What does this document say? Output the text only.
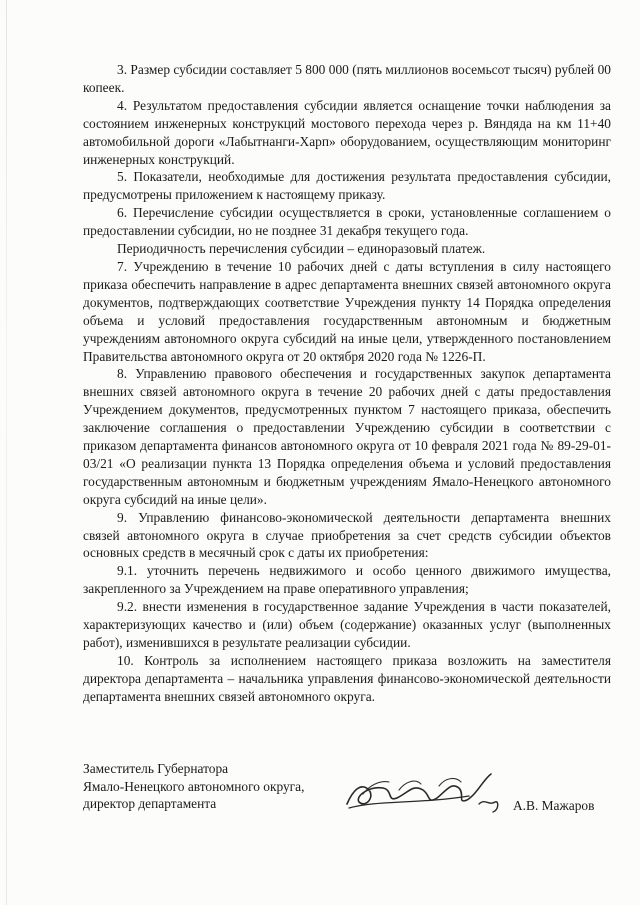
3. Размер субсидии составляет 5 800 000 (пять миллионов восемьсот тысяч) рублей 00 копеек.

4. Результатом предоставления субсидии является оснащение точки наблюдения за состоянием инженерных конструкций мостового перехода через р. Вяндяда на км 11+40 автомобильной дороги «Лабытнанги-Харп» оборудованием, осуществляющим мониторинг инженерных конструкций.

5. Показатели, необходимые для достижения результата предоставления субсидии, предусмотрены приложением к настоящему приказу.

6. Перечисление субсидии осуществляется в сроки, установленные соглашением о предоставлении субсидии, но не позднее 31 декабря текущего года.

Периодичность перечисления субсидии – единоразовый платеж.

7. Учреждению в течение 10 рабочих дней с даты вступления в силу настоящего приказа обеспечить направление в адрес департамента внешних связей автономного округа документов, подтверждающих соответствие Учреждения пункту 14 Порядка определения объема и условий предоставления государственным автономным и бюджетным учреждениям автономного округа субсидий на иные цели, утвержденного постановлением Правительства автономного округа от 20 октября 2020 года № 1226-П.

8. Управлению правового обеспечения и государственных закупок департамента внешних связей автономного округа в течение 20 рабочих дней с даты предоставления Учреждением документов, предусмотренных пунктом 7 настоящего приказа, обеспечить заключение соглашения о предоставлении Учреждению субсидии в соответствии с приказом департамента финансов автономного округа от 10 февраля 2021 года № 89-29-01-03/21 «О реализации пункта 13 Порядка определения объема и условий предоставления государственным автономным и бюджетным учреждениям Ямало-Ненецкого автономного округа субсидий на иные цели».

9. Управлению финансово-экономической деятельности департамента внешних связей автономного округа в случае приобретения за счет средств субсидии объектов основных средств в месячный срок с даты их приобретения:

9.1. уточнить перечень недвижимого и особо ценного движимого имущества, закрепленного за Учреждением на праве оперативного управления;

9.2. внести изменения в государственное задание Учреждения в части показателей, характеризующих качество и (или) объем (содержание) оказанных услуг (выполненных работ), изменившихся в результате реализации субсидии.

10. Контроль за исполнением настоящего приказа возложить на заместителя директора департамента – начальника управления финансово-экономической деятельности департамента внешних связей автономного округа.

Заместитель Губернатора
Ямало-Ненецкого автономного округа,
директор департамента	А.В. Мажаров
